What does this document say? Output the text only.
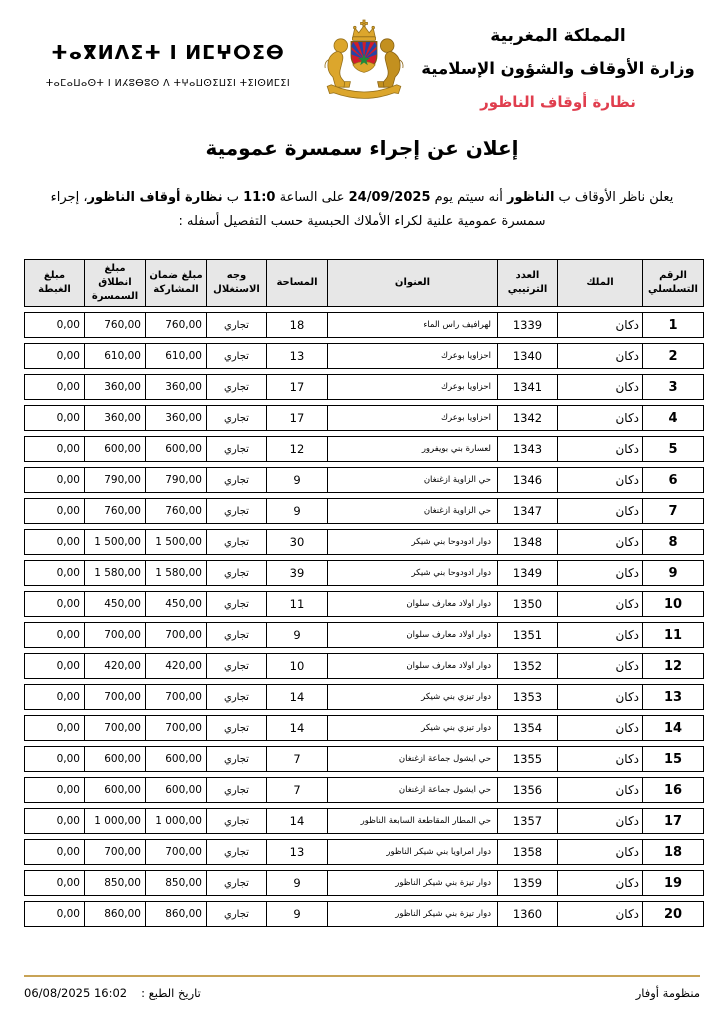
ⵜⴰⴳⵍⴷⵉⵜ ⵏ ⵍⵎⵖⵔⵉⴱ
ⵜⴰⵎⴰⵡⴰⵙⵜ ⵏ ⵍⵃⵓⴱⵓⵙ ⴷ ⵜⵖⴰⵡⵙⵉⵡⵉⵏ ⵜⵉⵏⵙⵍⵎⵉⵏ
المملكة المغربية
وزارة الأوقاف والشؤون الإسلامية
نظارة أوقاف الناظور
إعلان عن إجراء سمسرة عمومية

يعلن ناظر الأوقاف ب الناظور أنه سيتم يوم 24/09/2025 على الساعة 11:0 ب نظارة أوقاف الناظور، إجراء
سمسرة عمومية علنية لكراء الأملاك الحبسية حسب التفصيل أسفله :

الرقم التسلسلي	الملك	العدد الترتيبي	العنوان	المساحة	وجه الاستغلال	مبلغ ضمان المشاركة	مبلغ انطلاق السمسرة	مبلغ الغبطة
1	دكان	1339	لهرافيف راس الماء	18	تجاري	760,00	760,00	0,00
2	دكان	1340	احزاويا بوعرك	13	تجاري	610,00	610,00	0,00
3	دكان	1341	احزاويا بوعرك	17	تجاري	360,00	360,00	0,00
4	دكان	1342	احزاويا بوعرك	17	تجاري	360,00	360,00	0,00
5	دكان	1343	لعسارة بني بويفرور	12	تجاري	600,00	600,00	0,00
6	دكان	1346	حي الزاوية ازغنغان	9	تجاري	790,00	790,00	0,00
7	دكان	1347	حي الزاوية ازغنغان	9	تجاري	760,00	760,00	0,00
8	دكان	1348	دوار ادودوحا بني شيكر	30	تجاري	1 500,00	1 500,00	0,00
9	دكان	1349	دوار ادودوحا بني شيكر	39	تجاري	1 580,00	1 580,00	0,00
10	دكان	1350	دوار اولاد معارف سلوان	11	تجاري	450,00	450,00	0,00
11	دكان	1351	دوار اولاد معارف سلوان	9	تجاري	700,00	700,00	0,00
12	دكان	1352	دوار اولاد معارف سلوان	10	تجاري	420,00	420,00	0,00
13	دكان	1353	دوار تيزي بني شيكر	14	تجاري	700,00	700,00	0,00
14	دكان	1354	دوار تيزي بني شيكر	14	تجاري	700,00	700,00	0,00
15	دكان	1355	حي ايشول جماعة ازغنغان	7	تجاري	600,00	600,00	0,00
16	دكان	1356	حي ايشول جماعة ازغنغان	7	تجاري	600,00	600,00	0,00
17	دكان	1357	حي المطار المقاطعة السابعة الناظور	14	تجاري	1 000,00	1 000,00	0,00
18	دكان	1358	دوار امراويا بني شيكر الناظور	13	تجاري	700,00	700,00	0,00
19	دكان	1359	دوار تيزة بني شيكر الناظور	9	تجاري	850,00	850,00	0,00
20	دكان	1360	دوار تيزة بني شيكر الناظور	9	تجاري	860,00	860,00	0,00
تاريخ الطبع :
06/08/2025 16:02	منظومة أوفار
